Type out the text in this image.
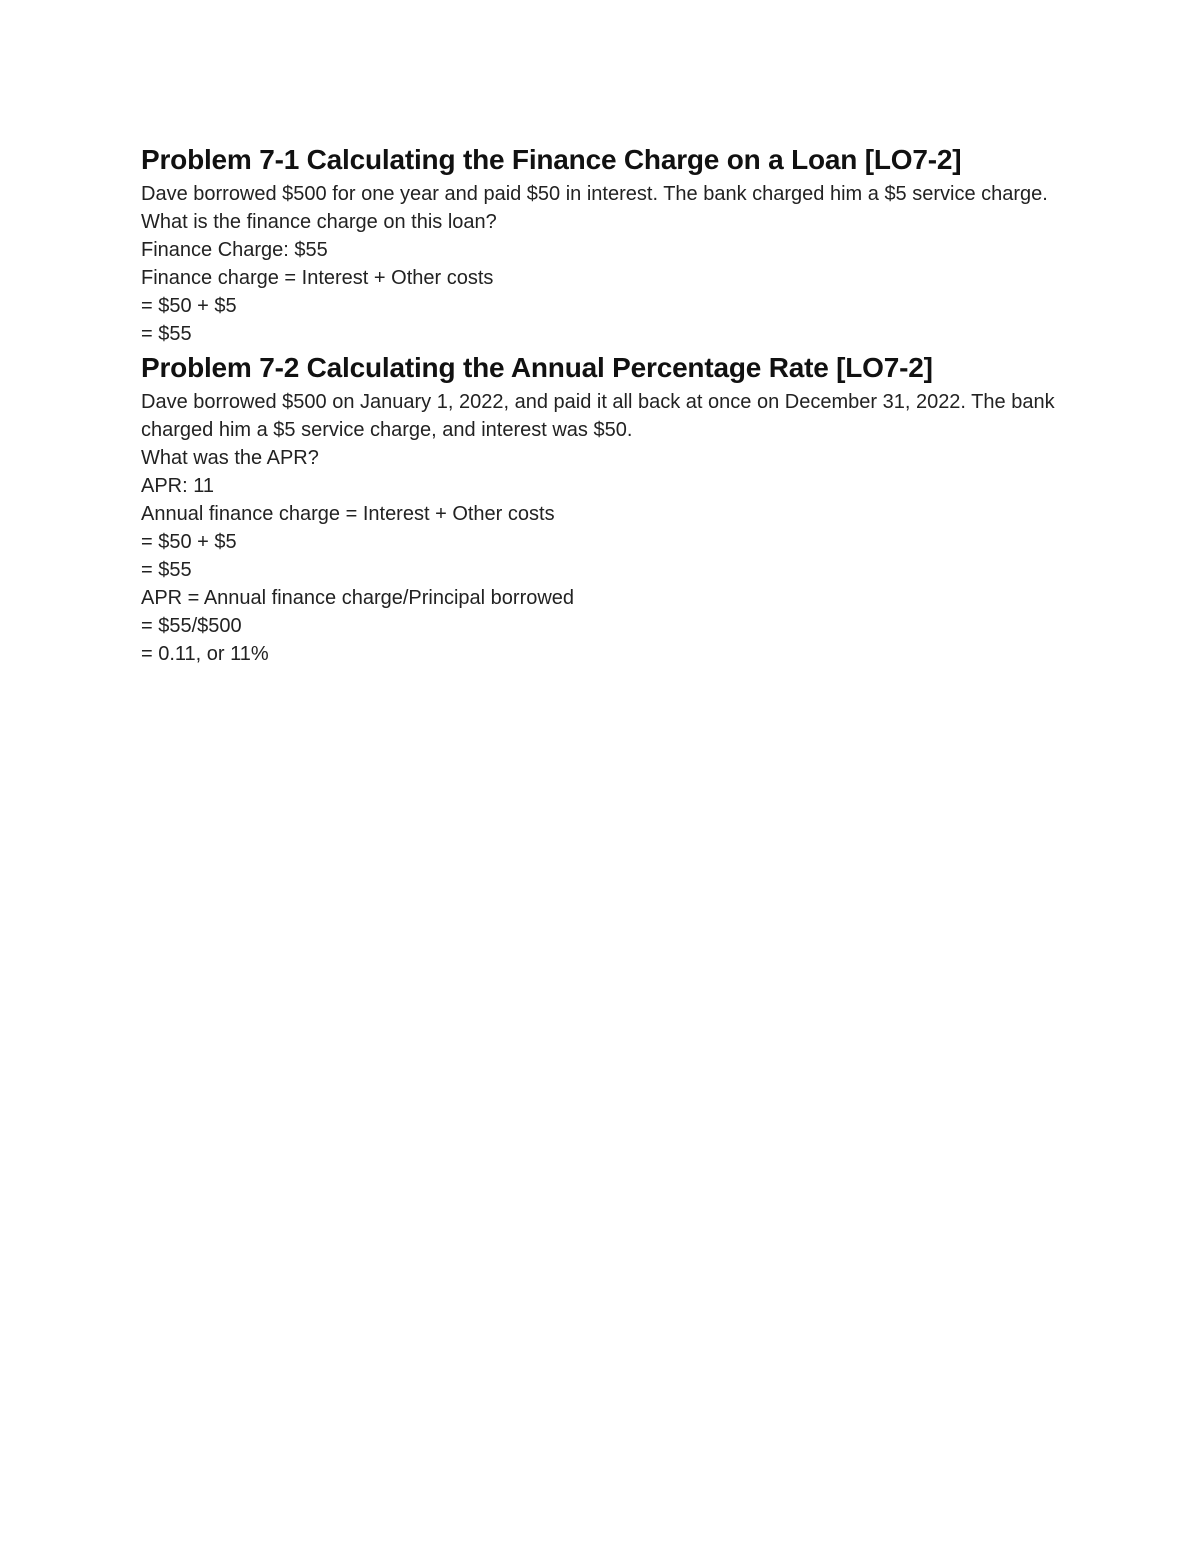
Problem 7-1 Calculating the Finance Charge on a Loan [LO7-2]

Dave borrowed $500 for one year and paid $50 in interest. The bank charged him a $5 service charge. What is the finance charge on this loan?

Finance Charge: $55

Finance charge = Interest + Other costs

= $50 + $5

= $55

Problem 7-2 Calculating the Annual Percentage Rate [LO7-2]

Dave borrowed $500 on January 1, 2022, and paid it all back at once on December 31, 2022. The bank charged him a $5 service charge, and interest was $50.

What was the APR?

APR: 11

Annual finance charge = Interest + Other costs

= $50 + $5

= $55

APR = Annual finance charge/Principal borrowed

= $55/$500

= 0.11, or 11%
